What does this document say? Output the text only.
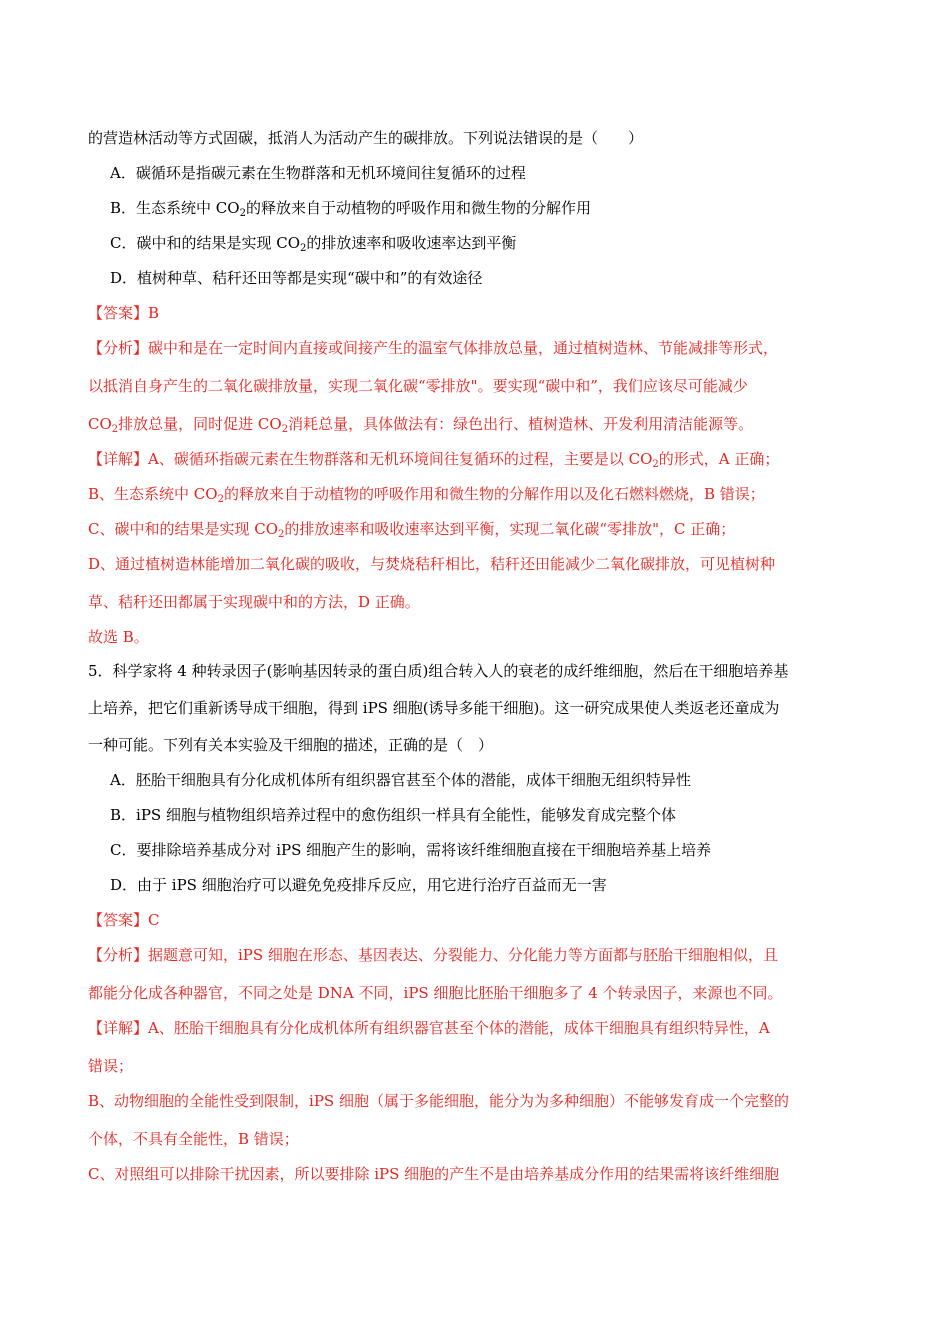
的营造林活动等方式固碳，抵消人为活动产生的碳排放。下列说法错误的是（　　）
A．碳循环是指碳元素在生物群落和无机环境间往复循环的过程
B．生态系统中 $CO_2$的释放来自于动植物的呼吸作用和微生物的分解作用
C．碳中和的结果是实现 $CO_2$的排放速率和吸收速率达到平衡
D．植树种草、秸秆还田等都是实现“碳中和”的有效途径
【答案】B
【分析】碳中和是在一定时间内直接或间接产生的温室气体排放总量，通过植树造林、节能减排等形式，
以抵消自身产生的二氧化碳排放量，实现二氧化碳“零排放"。要实现“碳中和”，我们应该尽可能减少
$CO_2$排放总量，同时促进 $CO_2$消耗总量，具体做法有：绿色出行、植树造林、开发利用清洁能源等。
【详解】A、碳循环指碳元素在生物群落和无机环境间往复循环的过程，主要是以 $CO_2$的形式，A 正确；
B、生态系统中 $CO_2$的释放来自于动植物的呼吸作用和微生物的分解作用以及化石燃料燃烧，B 错误；
C、碳中和的结果是实现 $CO_2$的排放速率和吸收速率达到平衡，实现二氧化碳“零排放"，C 正确；
D、通过植树造林能增加二氧化碳的吸收，与焚烧秸秆相比，秸秆还田能减少二氧化碳排放，可见植树种
草、秸秆还田都属于实现碳中和的方法，D 正确。
故选 B。
5．科学家将 4 种转录因子(影响基因转录的蛋白质)组合转入人的衰老的成纤维细胞，然后在干细胞培养基
上培养，把它们重新诱导成干细胞，得到 iPS 细胞(诱导多能干细胞)。这一研究成果使人类返老还童成为
一种可能。下列有关本实验及干细胞的描述，正确的是（　）
A．胚胎干细胞具有分化成机体所有组织器官甚至个体的潜能，成体干细胞无组织特异性
B．iPS 细胞与植物组织培养过程中的愈伤组织一样具有全能性，能够发育成完整个体
C．要排除培养基成分对 iPS 细胞产生的影响，需将该纤维细胞直接在干细胞培养基上培养
D．由于 iPS 细胞治疗可以避免免疫排斥反应，用它进行治疗百益而无一害
【答案】C
【分析】据题意可知，iPS 细胞在形态、基因表达、分裂能力、分化能力等方面都与胚胎干细胞相似，且
都能分化成各种器官，不同之处是 DNA 不同，iPS 细胞比胚胎干细胞多了 4 个转录因子，来源也不同。
【详解】A、胚胎干细胞具有分化成机体所有组织器官甚至个体的潜能，成体干细胞具有组织特异性，A
错误；
B、动物细胞的全能性受到限制，iPS 细胞（属于多能细胞，能分为为多种细胞）不能够发育成一个完整的
个体，不具有全能性，B 错误；
C、对照组可以排除干扰因素，所以要排除 iPS 细胞的产生不是由培养基成分作用的结果需将该纤维细胞
